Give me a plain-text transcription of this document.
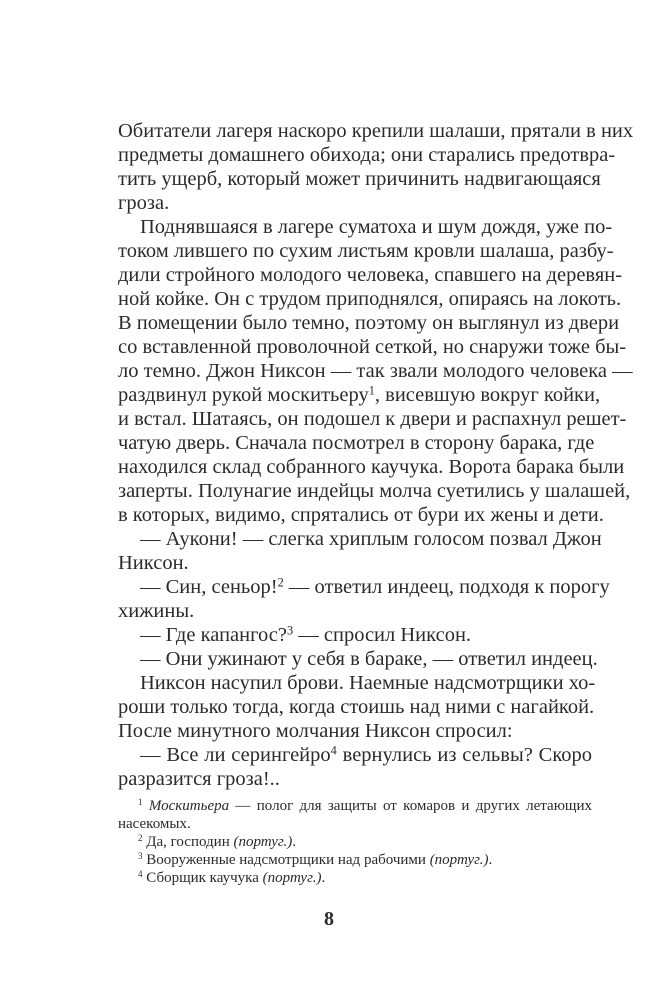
Обитатели лагеря наскоро крепили шалаши, прятали в них
предметы домашнего обихода; они старались предотвра-
тить ущерб, который может причинить надвигающаяся
гроза.
Поднявшаяся в лагере суматоха и шум дождя, уже по-
током лившего по сухим листьям кровли шалаша, разбу-
дили стройного молодого человека, спавшего на деревян-
ной койке. Он с трудом приподнялся, опираясь на локоть.
В помещении было темно, поэтому он выглянул из двери
со вставленной проволочной сеткой, но снаружи тоже бы-
ло темно. Джон Никсон — так звали молодого человека —
раздвинул рукой москитьеру$^1$, висевшую вокруг койки,
и встал. Шатаясь, он подошел к двери и распахнул решет-
чатую дверь. Сначала посмотрел в сторону барака, где
находился склад собранного каучука. Ворота барака были
заперты. Полунагие индейцы молча суетились у шалашей,
в которых, видимо, спрятались от бури их жены и дети.
— Аукони! — слегка хриплым голосом позвал Джон
Никсон.
— Син, сеньор!$^2$ — ответил индеец, подходя к порогу
хижины.
— Где капангос?$^3$ — спросил Никсон.
— Они ужинают у себя в бараке, — ответил индеец.
Никсон насупил брови. Наемные надсмотрщики хо-
роши только тогда, когда стоишь над ними с нагайкой.
После минутного молчания Никсон спросил:
— Все ли серингейро$^4$ вернулись из сельвы? Скоро
разразится гроза!..
$^1$ Москитьера — полог для защиты от комаров и других летающих
насекомых.
$^2$ Да, господин (португ.).
$^3$ Вооруженные надсмотрщики над рабочими (португ.).
$^4$ Сборщик каучука (португ.).
8
